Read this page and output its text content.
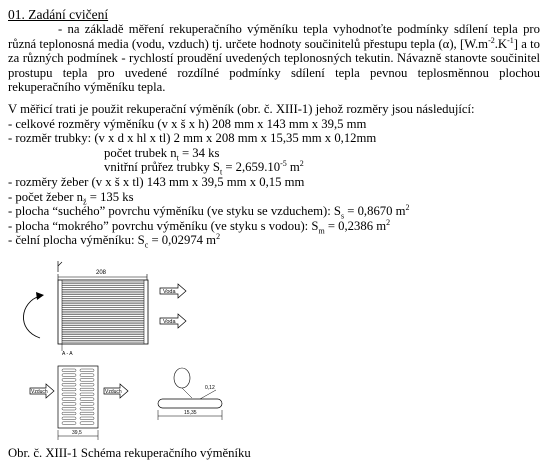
01. Zadání cvičení

- na základě měření rekuperačního výměníku tepla vyhodnoťte podmínky sdílení tepla pro různá teplonosná media (vodu, vzduch) tj. určete hodnoty součinitelů přestupu tepla (α), $[W.m^{-2}.K^{-1}]$ a to za různých podmínek - rychlostí proudění uvedených teplonosných tekutin. Návazně stanovte součinitel prostupu tepla pro uvedené rozdílné podmínky sdílení tepla pevnou teplosměnnou plochou rekuperačního výměníku tepla.

V měřicí trati je použit rekuperační výměník (obr. č. XIII-1) jehož rozměry jsou následující:
- celkové rozměry výměníku (v x š x h) 208 mm x 143 mm x 39,5 mm
- rozměr trubky: (v x d x hl x tl) 2 mm x 208 mm x 15,35 mm x 0,12mm
počet trubek $n_t = 34$ ks
vnitřní průřez trubky $S_t = 2,659.10^{-5}$ $m^2$
- rozměry žeber (v x š x tl) 143 mm x 39,5 mm x 0,15 mm
- počet žeber $n_ž = 135$ ks
- plocha “suchého” povrchu výměníku (ve styku se vzduchem): $S_s = 0,8670$ $m^2$
- plocha “mokrého” povrchu výměníku (ve styku s vodou): $S_m = 0,2386$ $m^2$
- čelní plocha výměníku: $S_c = 0,02974$ $m^2$
208
Voda
Voda
A - A
Vzduch	Vzduch
39,5
0,12
15,35
Obr. č. XIII-1 Schéma rekuperačního výměníku
